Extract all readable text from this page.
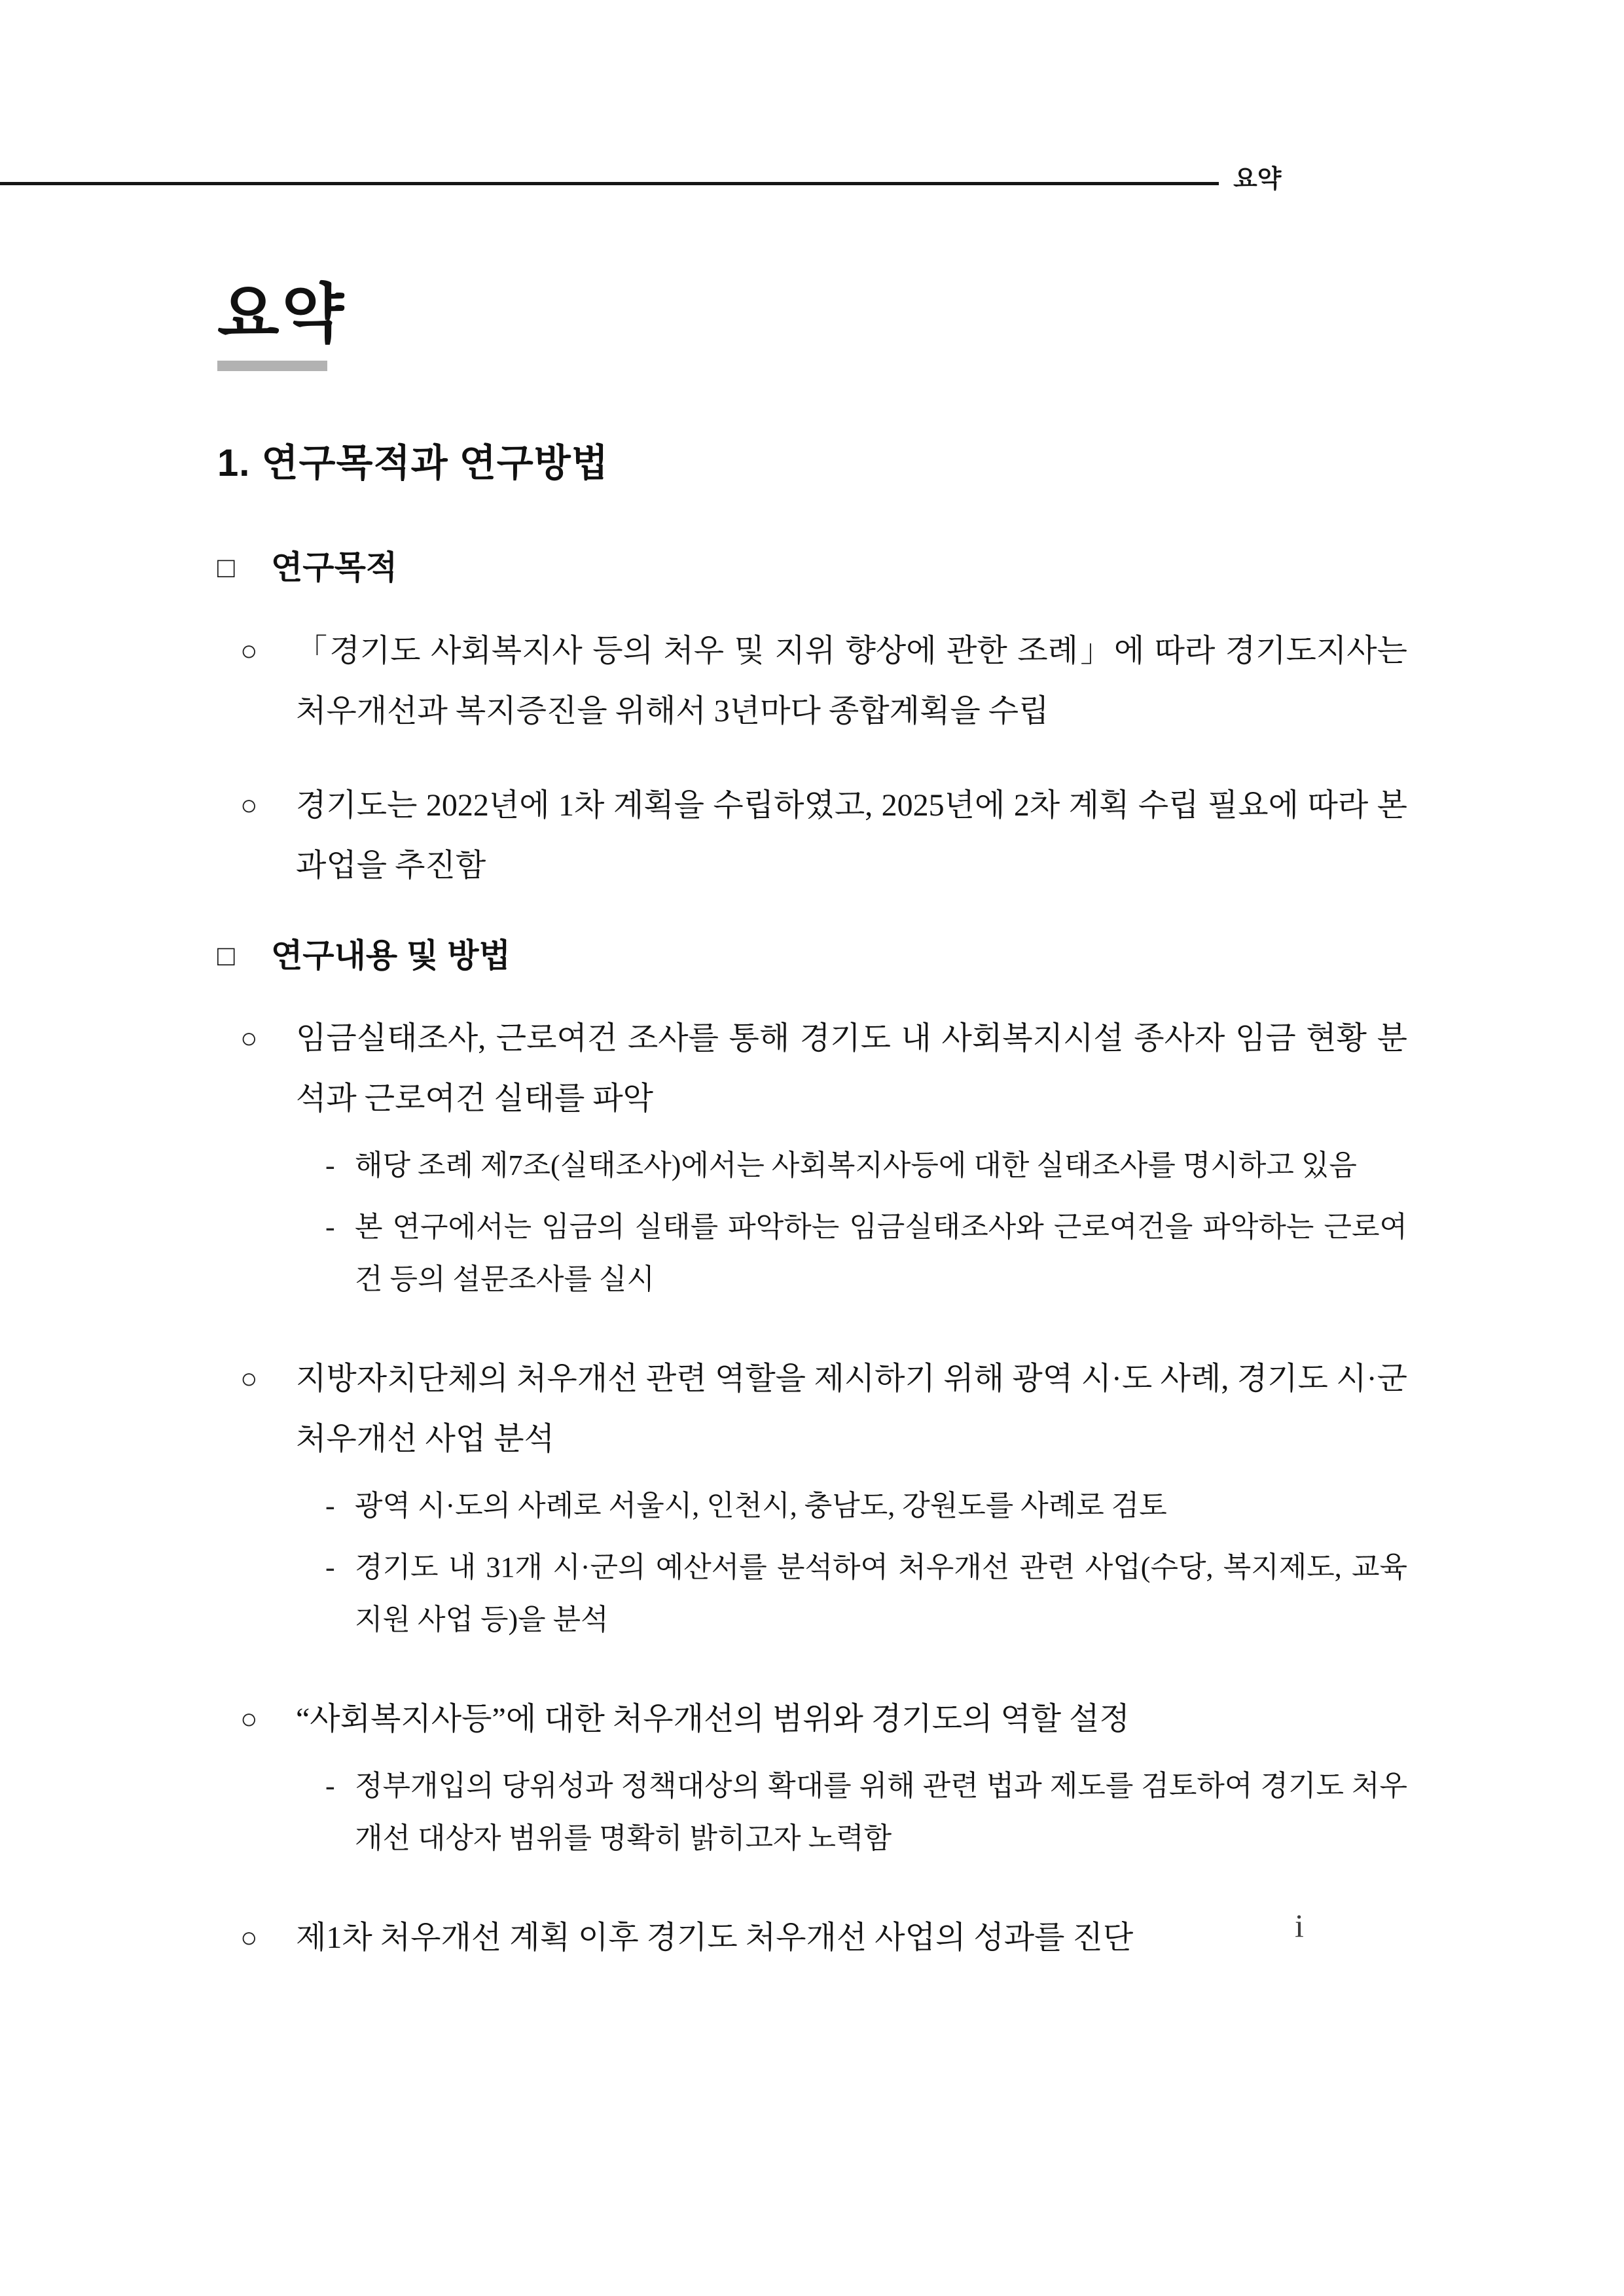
요약
요약
1. 연구목적과 연구방법
□	연구목적
○	「경기도 사회복지사 등의 처우 및 지위 향상에 관한 조례」에 따라 경기도지사는 처우개선과 복지증진을 위해서 3년마다 종합계획을 수립

○	경기도는 2022년에 1차 계획을 수립하였고, 2025년에 2차 계획 수립 필요에 따라 본 과업을 추진함

□	연구내용 및 방법
○	임금실태조사, 근로여건 조사를 통해 경기도 내 사회복지시설 종사자 임금 현황 분석과 근로여건 실태를 파악

- 해당 조례 제7조(실태조사)에서는 사회복지사등에 대한 실태조사를 명시하고 있음

- 본 연구에서는 임금의 실태를 파악하는 임금실태조사와 근로여건을 파악하는 근로여건 등의 설문조사를 실시

○	지방자치단체의 처우개선 관련 역할을 제시하기 위해 광역 시·도 사례, 경기도 시·군 처우개선 사업 분석

- 광역 시·도의 사례로 서울시, 인천시, 충남도, 강원도를 사례로 검토

- 경기도 내 31개 시·군의 예산서를 분석하여 처우개선 관련 사업(수당, 복지제도, 교육 지원 사업 등)을 분석

○	“사회복지사등”에 대한 처우개선의 범위와 경기도의 역할 설정

- 정부개입의 당위성과 정책대상의 확대를 위해 관련 법과 제도를 검토하여 경기도 처우개선 대상자 범위를 명확히 밝히고자 노력함

○	제1차 처우개선 계획 이후 경기도 처우개선 사업의 성과를 진단	i
